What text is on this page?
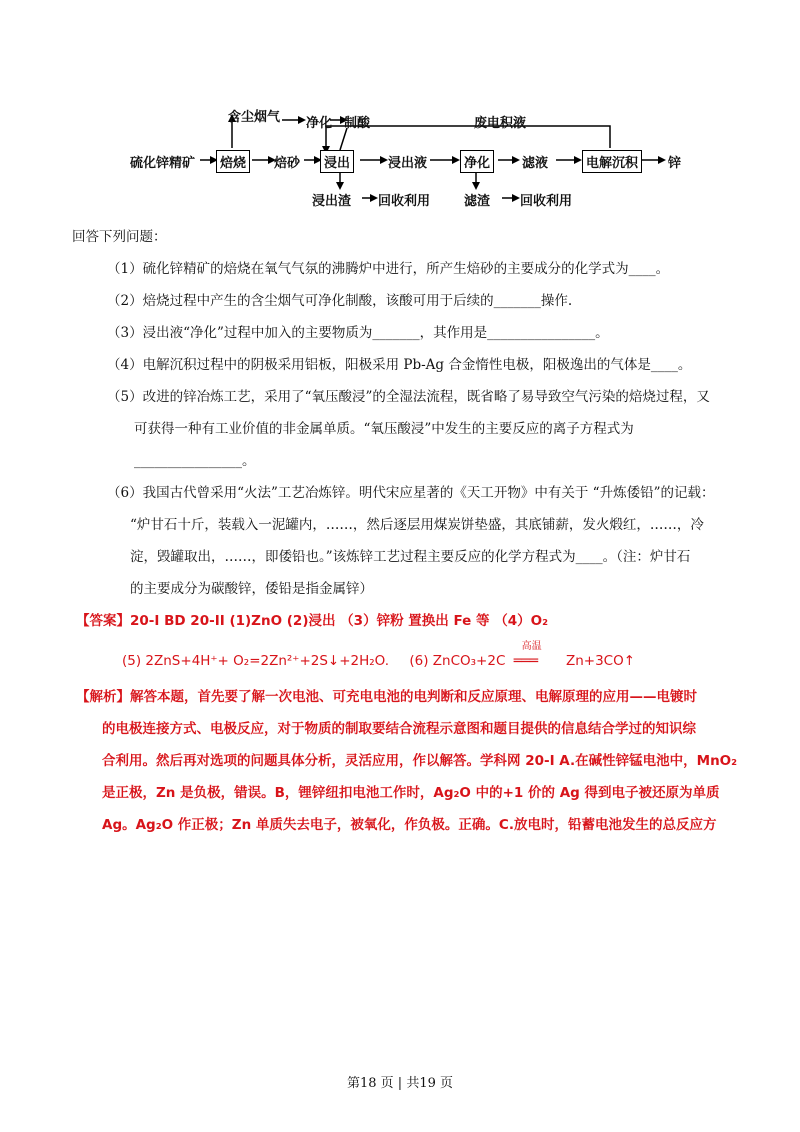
含尘烟气 净化 制酸	废电积液
硫化锌精矿	焙烧	焙砂	浸出	浸出液	净化	滤液	电解沉积	锌
浸出渣 回收利用	滤渣 回收利用
回答下列问题：
（1）硫化锌精矿的焙烧在氧气气氛的沸腾炉中进行，所产生焙砂的主要成分的化学式为____。
（2）焙烧过程中产生的含尘烟气可净化制酸，该酸可用于后续的_______操作.
（3）浸出液“净化”过程中加入的主要物质为_______，其作用是________________。
（4）电解沉积过程中的阴极采用铝板，阳极采用 Pb-Ag 合金惰性电极，阳极逸出的气体是____。
（5）改进的锌冶炼工艺，采用了“氧压酸浸”的全湿法流程，既省略了易导致空气污染的焙烧过程，又
可获得一种有工业价值的非金属单质。“氧压酸浸”中发生的主要反应的离子方程式为
________________。
（6）我国古代曾采用“火法”工艺冶炼锌。明代宋应星著的《天工开物》中有关于 “升炼倭铅”的记载：
“炉甘石十斤，装载入一泥罐内，……，然后逐层用煤炭饼垫盛，其底铺薪，发火煅红，……，冷
淀，毁罐取出，……，即倭铅也。”该炼锌工艺过程主要反应的化学方程式为____。（注：炉甘石
的主要成分为碳酸锌，倭铅是指金属锌）
【答案】20-I BD 20-II (1)ZnO (2)浸出 （3）锌粉 置换出 Fe 等 （4）O₂
(5) 2ZnS+4H⁺+ O₂=2Zn²⁺+2S↓+2H₂O. (6) ZnCO₃+2C
高温
═══ Zn+3CO↑
【解析】解答本题，首先要了解一次电池、可充电电池的电判断和反应原理、电解原理的应用——电镀时
的电极连接方式、电极反应，对于物质的制取要结合流程示意图和题目提供的信息结合学过的知识综
合利用。然后再对选项的问题具体分析，灵活应用，作以解答。学科网 20-I A.在碱性锌锰电池中，MnO₂
是正极，Zn 是负极，错误。B，锂锌纽扣电池工作时，Ag₂O 中的+1 价的 Ag 得到电子被还原为单质
Ag。Ag₂O 作正极；Zn 单质失去电子，被氧化，作负极。正确。C.放电时，铅蓄电池发生的总反应方
第18 页 | 共19 页
